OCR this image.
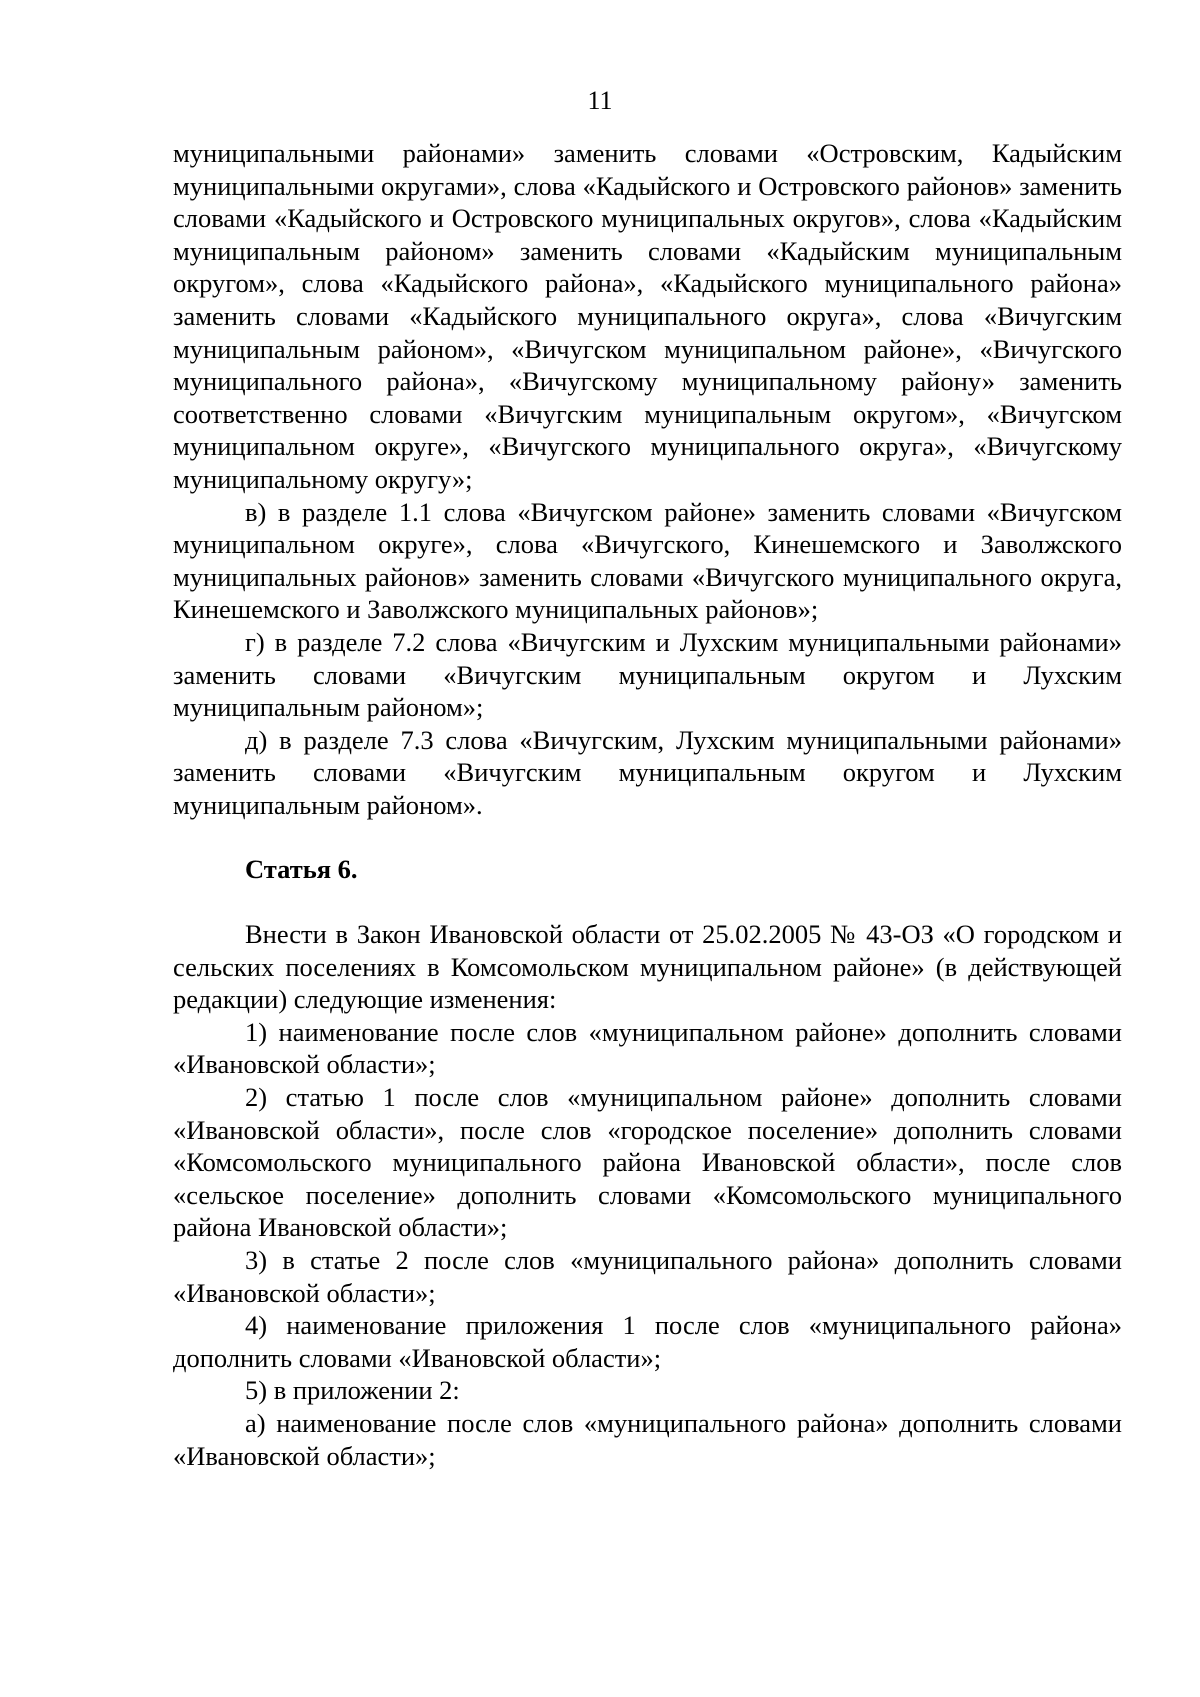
11

муниципальными районами» заменить словами «Островским, Кадыйским муниципальными округами», слова «Кадыйского и Островского районов» заменить словами «Кадыйского и Островского муниципальных округов», слова «Кадыйским муниципальным районом» заменить словами «Кадыйским муниципальным округом», слова «Кадыйского района», «Кадыйского муниципального района» заменить словами «Кадыйского муниципального округа», слова «Вичугским муниципальным районом», «Вичугском муниципальном районе», «Вичугского муниципального района», «Вичугскому муниципальному району» заменить соответственно словами «Вичугским муниципальным округом», «Вичугском муниципальном округе», «Вичугского муниципального округа», «Вичугскому муниципальному округу»;

в) в разделе 1.1 слова «Вичугском районе» заменить словами «Вичугском муниципальном округе», слова «Вичугского, Кинешемского и Заволжского муниципальных районов» заменить словами «Вичугского муниципального округа, Кинешемского и Заволжского муниципальных районов»;

г) в разделе 7.2 слова «Вичугским и Лухским муниципальными районами» заменить словами «Вичугским муниципальным округом и Лухским муниципальным районом»;

д) в разделе 7.3 слова «Вичугским, Лухским муниципальными районами» заменить словами «Вичугским муниципальным округом и Лухским муниципальным районом».

Статья 6.

Внести в Закон Ивановской области от 25.02.2005 № 43-ОЗ «О городском и сельских поселениях в Комсомольском муниципальном районе» (в действующей редакции) следующие изменения:

1) наименование после слов «муниципальном районе» дополнить словами «Ивановской области»;

2) статью 1 после слов «муниципальном районе» дополнить словами «Ивановской области», после слов «городское поселение» дополнить словами «Комсомольского муниципального района Ивановской области», после слов «сельское поселение» дополнить словами «Комсомольского муниципального района Ивановской области»;

3) в статье 2 после слов «муниципального района» дополнить словами «Ивановской области»;

4) наименование приложения 1 после слов «муниципального района» дополнить словами «Ивановской области»;

5) в приложении 2:

а) наименование после слов «муниципального района» дополнить словами «Ивановской области»;
